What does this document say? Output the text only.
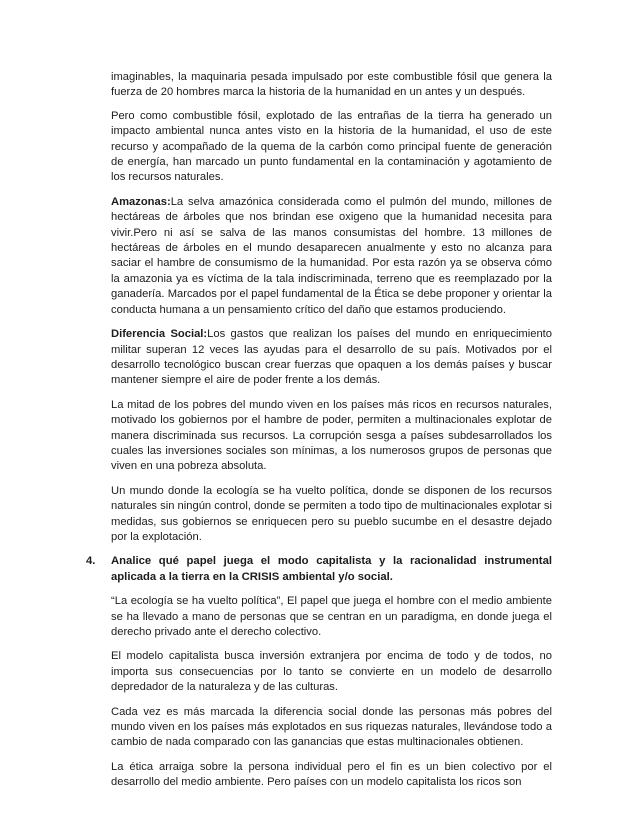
imaginables, la maquinaria pesada impulsado por este combustible fósil que genera la fuerza de 20 hombres marca la historia de la humanidad en un antes y un después.

Pero como combustible fósil, explotado de las entrañas de la tierra ha generado un impacto ambiental nunca antes visto en la historia de la humanidad, el uso de este recurso y acompañado de la quema de la carbón como principal fuente de generación de energía, han marcado un punto fundamental en la contaminación y agotamiento de los recursos naturales.

Amazonas:La selva amazónica considerada como el pulmón del mundo, millones de hectáreas de árboles que nos brindan ese oxigeno que la humanidad necesita para vivir.Pero ni así se salva de las manos consumistas del hombre. 13 millones de hectáreas de árboles en el mundo desaparecen anualmente y esto no alcanza para saciar el hambre de consumismo de la humanidad. Por esta razón ya se observa cómo la amazonia ya es víctima de la tala indiscriminada, terreno que es reemplazado por la ganadería. Marcados por el papel fundamental de la Ética se debe proponer y orientar la conducta humana a un pensamiento crítico del daño que estamos produciendo.

Diferencia Social:Los gastos que realizan los países del mundo en enriquecimiento militar superan 12 veces las ayudas para el desarrollo de su país. Motivados por el desarrollo tecnológico buscan crear fuerzas que opaquen a los demás países y buscar mantener siempre el aire de poder frente a los demás.

La mitad de los pobres del mundo viven en los países más ricos en recursos naturales, motivado los gobiernos por el hambre de poder, permiten a multinacionales explotar de manera discriminada sus recursos. La corrupción sesga a países subdesarrollados los cuales las inversiones sociales son mínimas, a los numerosos grupos de personas que viven en una pobreza absoluta.

Un mundo donde la ecología se ha vuelto política, donde se disponen de los recursos naturales sin ningún control, donde se permiten a todo tipo de multinacionales explotar si medidas, sus gobiernos se enriquecen pero su pueblo sucumbe en el desastre dejado por la explotación.

4. Analice qué papel juega el modo capitalista y la racionalidad instrumental aplicada a la tierra en la CRISIS ambiental y/o social.

“La ecología se ha vuelto política”, El papel que juega el hombre con el medio ambiente se ha llevado a mano de personas que se centran en un paradigma, en donde juega el derecho privado ante el derecho colectivo.

El modelo capitalista busca inversión extranjera por encima de todo y de todos, no importa sus consecuencias por lo tanto se convierte en un modelo de desarrollo depredador de la naturaleza y de las culturas.

Cada vez es más marcada la diferencia social donde las personas más pobres del mundo viven en los países más explotados en sus riquezas naturales, llevándose todo a cambio de nada comparado con las ganancias que estas multinacionales obtienen.

La ética arraiga sobre la persona individual pero el fin es un bien colectivo por el desarrollo del medio ambiente. Pero países con un modelo capitalista los ricos son
